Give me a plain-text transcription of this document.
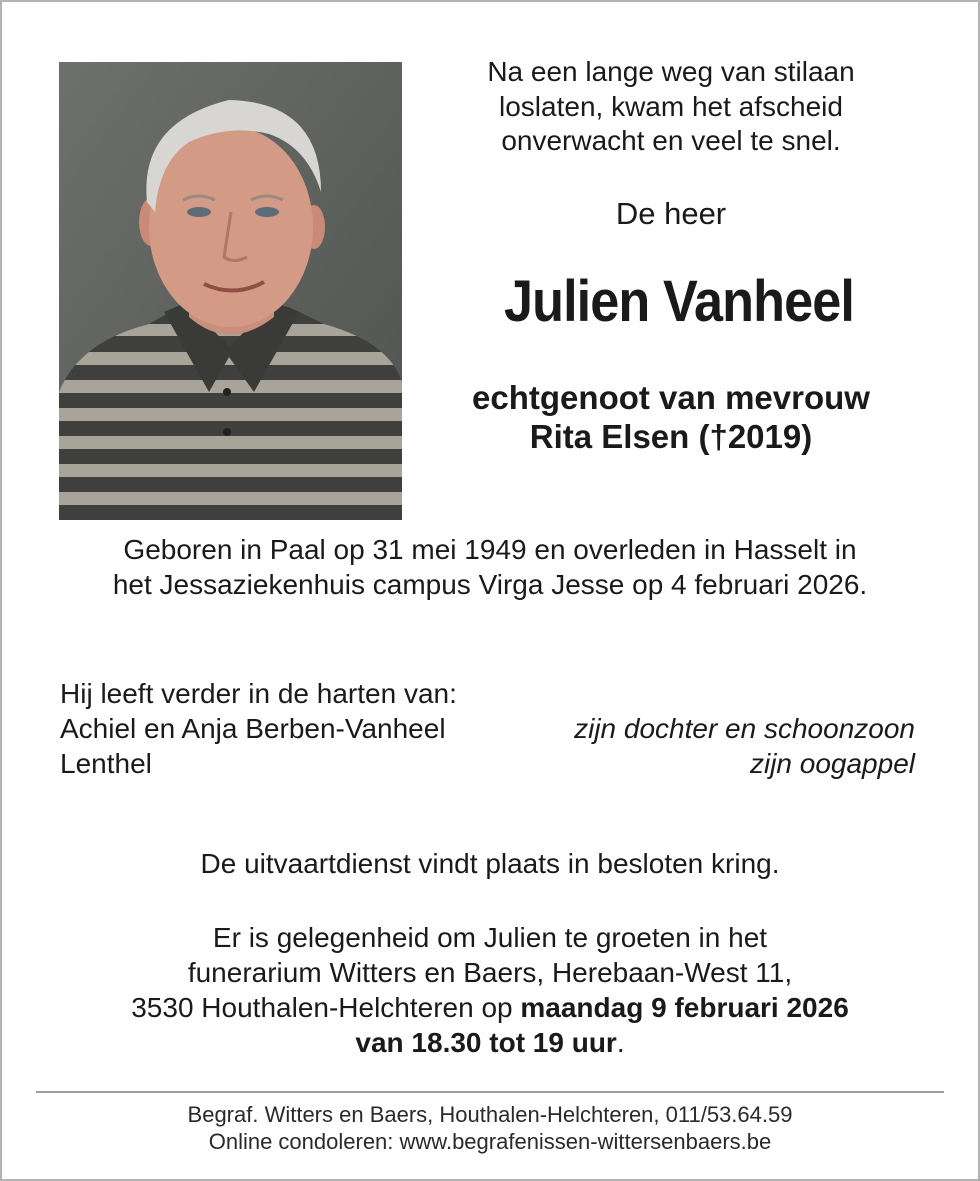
Na een lange weg van stilaan
loslaten, kwam het afscheid
onverwacht en veel te snel.
De heer
Julien Vanheel
echtgenoot van mevrouw
Rita Elsen (†2019)
Geboren in Paal op 31 mei 1949 en overleden in Hasselt in
het Jessaziekenhuis campus Virga Jesse op 4 februari 2026.
Hij leeft verder in de harten van:
Achiel en Anja Berben-Vanheel	zijn dochter en schoonzoon
Lenthel	zijn oogappel
De uitvaartdienst vindt plaats in besloten kring.
Er is gelegenheid om Julien te groeten in het
funerarium Witters en Baers, Herebaan-West 11,
3530 Houthalen-Helchteren op maandag 9 februari 2026
van 18.30 tot 19 uur.
Begraf. Witters en Baers, Houthalen-Helchteren, 011/53.64.59
Online condoleren: www.begrafenissen-wittersenbaers.be
